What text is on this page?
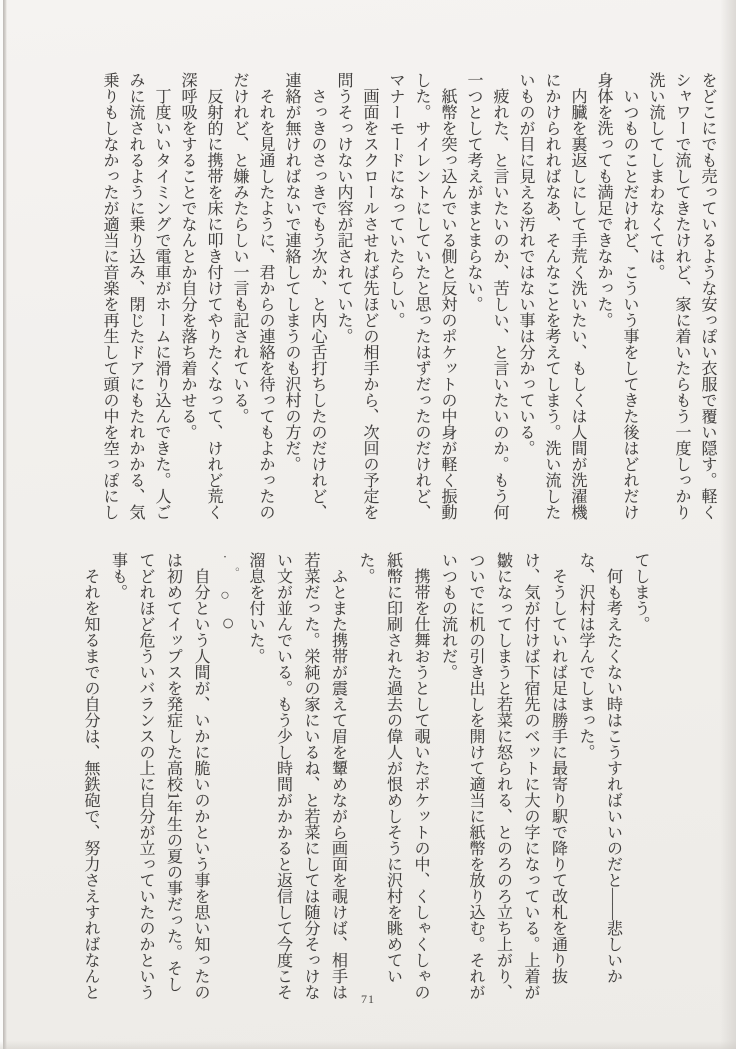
をどこにでも売っているような安っぽい衣服で覆い隠す。軽くシャワーで流してきたけれど、家に着いたらもう一度しっかり洗い流してしまわなくては。

いつものことだけれど、こういう事をしてきた後はどれだけ身体を洗っても満足できなかった。

内臓を裏返しにして手荒く洗いたい、もしくは人間が洗濯機にかけられればなあ、そんなことを考えてしまう。洗い流したいものが目に見える汚れではない事は分かっている。

疲れた、と言いたいのか、苦しい、と言いたいのか。もう何一つとして考えがまとまらない。

紙幣を突っ込んでいる側と反対のポケットの中身が軽く振動した。サイレントにしていたと思ったはずだったのだけれど、マナーモードになっていたらしい。

画面をスクロールさせれば先ほどの相手から、次回の予定を問うそっけない内容が記されていた。

さっきのさっきでもう次か、と内心舌打ちしたのだけれど、連絡が無ければないで連絡してしまうのも沢村の方だ。

それを見通したように、君からの連絡を待ってもよかったのだけれど、と嫌みたらしい一言も記されている。

反射的に携帯を床に叩き付けてやりたくなって、けれど荒く深呼吸をすることでなんとか自分を落ち着かせる。

丁度いいタイミングで電車がホームに滑り込んできた。人ごみに流されるように乗り込み、閉じたドアにもたれかかる、気乗りもしなかったが適当に音楽を再生して頭の中を空っぽにし

てしまう。

何も考えたくない時はこうすればいいのだと――悲しいかな、沢村は学んでしまった。

そうしていれば足は勝手に最寄り駅で降りて改札を通り抜け、気が付けば下宿先のベットに大の字になっている。上着が皺になってしまうと若菜に怒られる、とのろのろ立ち上がり、ついでに机の引き出しを開けて適当に紙幣を放り込む。それがいつもの流れだ。

携帯を仕舞おうとして覗いたポケットの中、くしゃくしゃの紙幣に印刷された過去の偉人が恨めしそうに沢村を眺めていた。

ふとまた携帯が震えて眉を顰めながら画面を覗けば、相手は若菜だった。栄純の家にいるね、と若菜にしては随分そっけない文が並んでいる。もう少し時間がかかると返信して今度こそ溜息を付いた。

・ 。 ○ ○

自分という人間が、いかに脆いのかという事を思い知ったのは初めてイップスを発症した高校1年生の夏の事だった。そしてどれほど危ういバランスの上に自分が立っていたのかという事も。

それを知るまでの自分は、無鉄砲で、努力さえすればなんと	71
